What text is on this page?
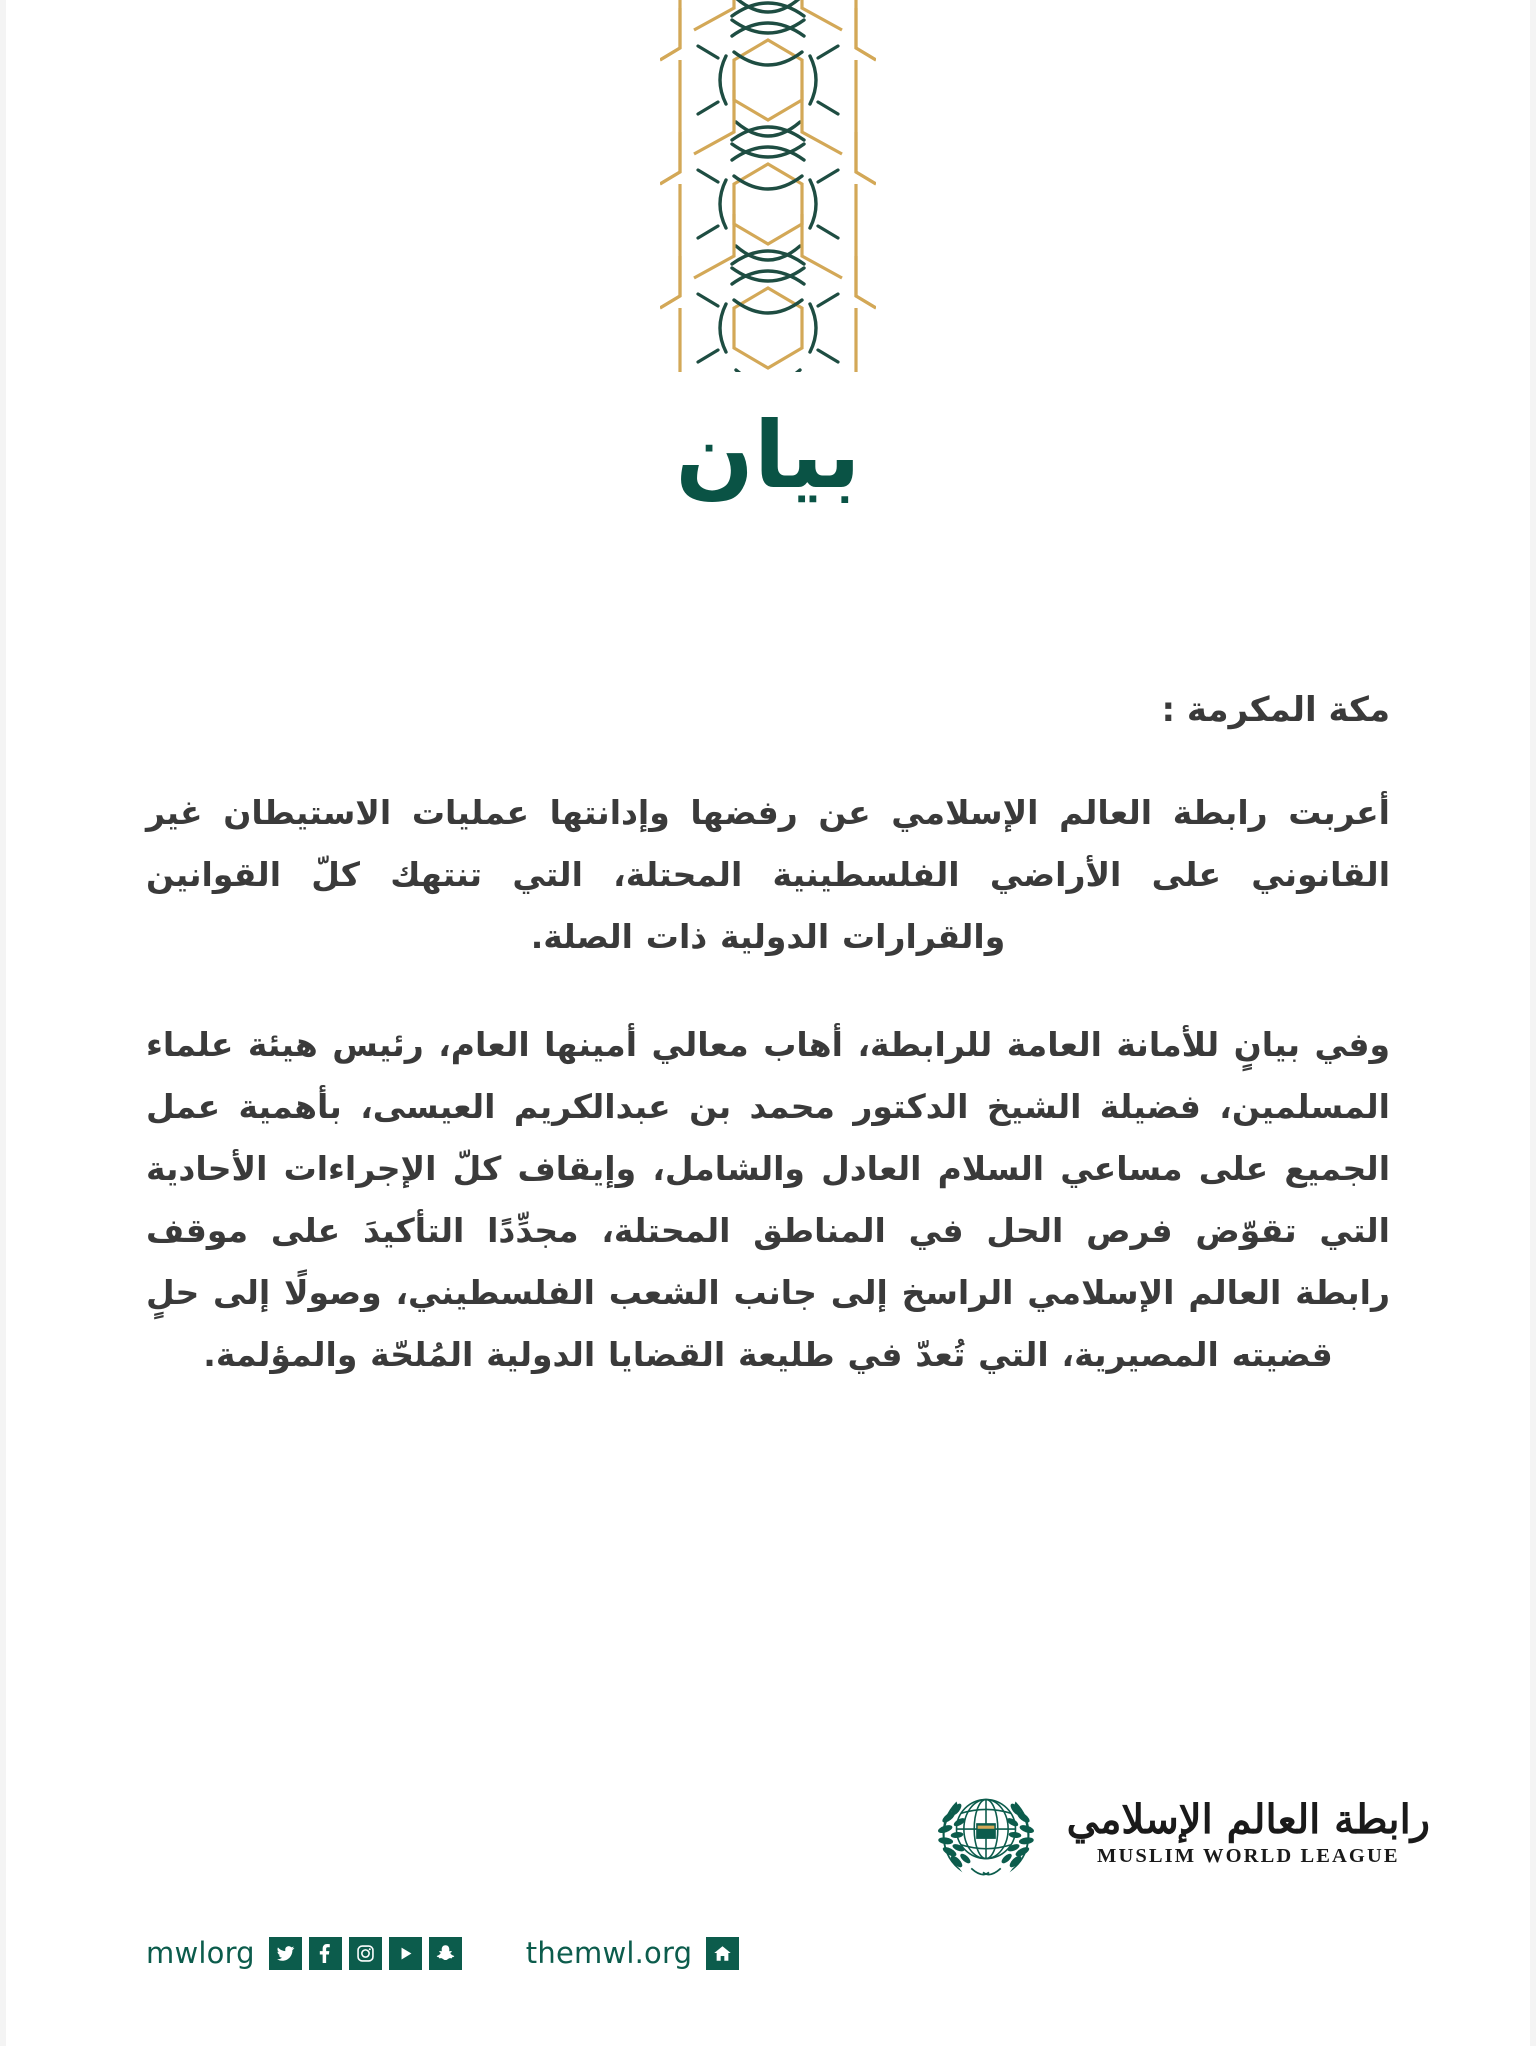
بيان
مكة المكرمة :

أعربت رابطة العالم الإسلامي عن رفضها وإدانتها عمليات الاستيطان غير القانوني على الأراضي الفلسطينية المحتلة، التي تنتهك كلّ القوانين والقرارات الدولية ذات الصلة.

وفي بيانٍ للأمانة العامة للرابطة، أهاب معالي أمينها العام، رئيس هيئة علماء المسلمين، فضيلة الشيخ الدكتور محمد بن عبدالكريم العيسى، بأهمية عمل الجميع على مساعي السلام العادل والشامل، وإيقاف كلّ الإجراءات الأحادية التي تقوّض فرص الحل في المناطق المحتلة، مجدِّدًا التأكيدَ على موقف رابطة العالم الإسلامي الراسخ إلى جانب الشعب الفلسطيني، وصولًا إلى حلٍ قضيته المصيرية، التي تُعدّ في طليعة القضايا الدولية المُلحّة والمؤلمة.

رابطة العالم الإسلامي
MUSLIM WORLD LEAGUE
mwlorg	themwl.org
